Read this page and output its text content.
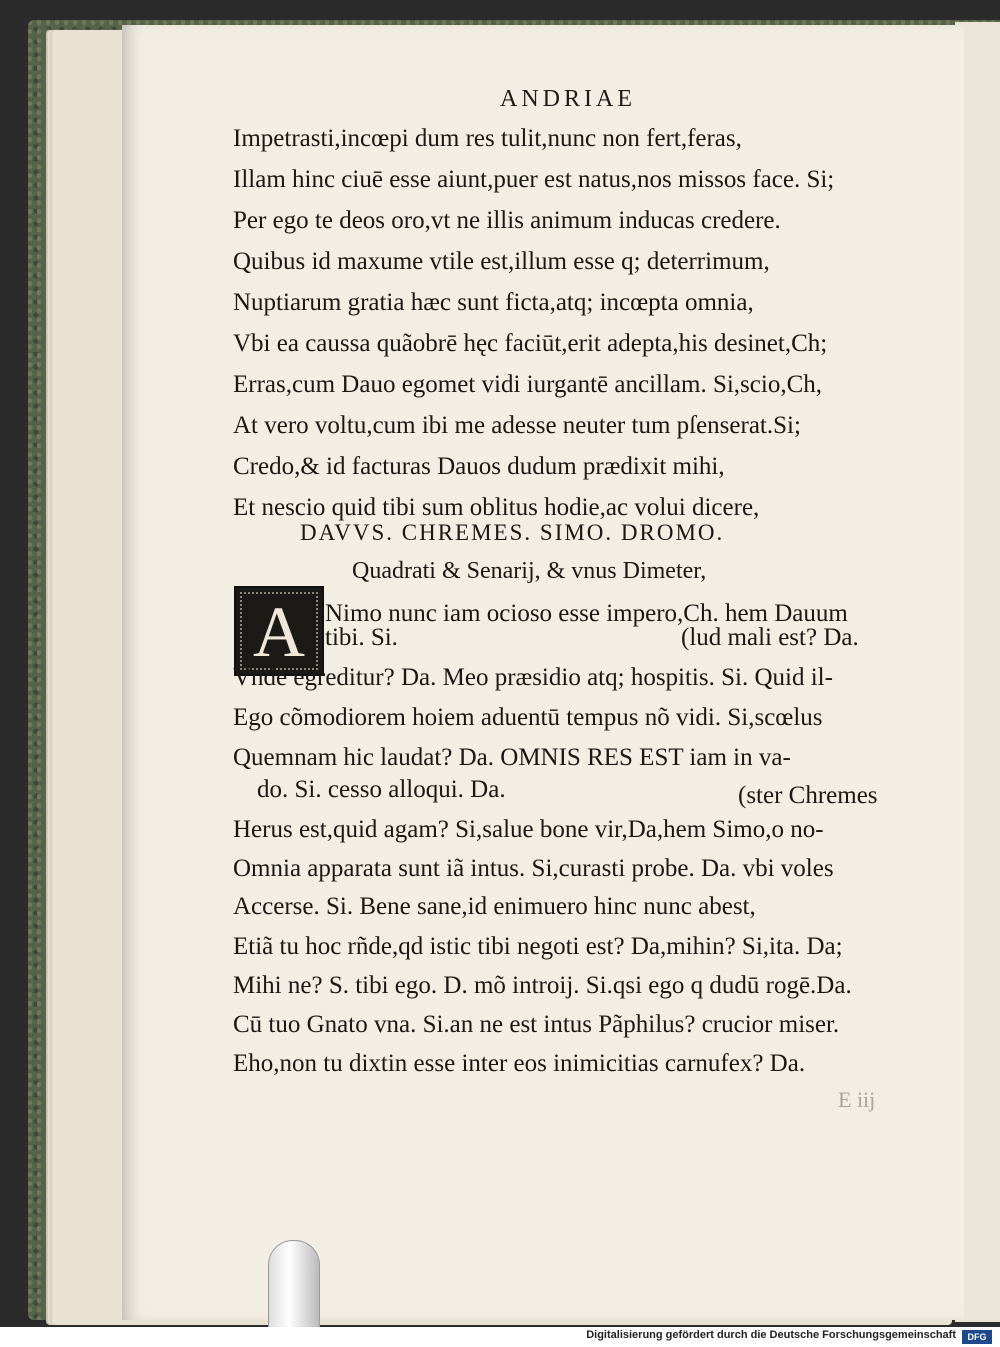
ANDRIAE
Impetrasti,incœpi dum res tulit,nunc non fert,feras,
Illam hinc ciuē esse aiunt,puer est natus,nos missos face. Si;
Per ego te deos oro,vt ne illis animum inducas credere.
Quibus id maxume vtile est,illum esse q; deterrimum,
Nuptiarum gratia hæc sunt ficta,atq; incœpta omnia,
Vbi ea caussa quãobrē hęc faciūt,erit adepta,his desinet,Ch;
Erras,cum Dauo egomet vidi iurgantē ancillam. Si,scio,Ch,
At vero voltu,cum ibi me adesse neuter tum pſenserat.Si;
Credo,& id facturas Dauos dudum prædixit mihi,
Et nescio quid tibi sum oblitus hodie,ac volui dicere,
DAVVS. CHREMES. SIMO. DROMO.
Quadrati & Senarij, & vnus Dimeter,
A Nimo nunc iam ocioso esse impero,Ch. hem Dauum
tibi. Si.	(lud mali est? Da.
Vnde egreditur? Da. Meo præsidio atq; hospitis. Si. Quid il-
Ego cõmodiorem hoiem aduentū tempus nõ vidi. Si,scœlus
Quemnam hic laudat? Da. OMNIS RES EST iam in va-
do. Si. cesso alloqui. Da.	(ster Chremes
Herus est,quid agam? Si,salue bone vir,Da,hem Simo,o no-
Omnia apparata sunt iã intus. Si,curasti probe. Da. vbi voles
Accerse. Si. Bene sane,id enimuero hinc nunc abest,
Etiã tu hoc rñde,qd istic tibi negoti est? Da,mihin? Si,ita. Da;
Mihi ne? S. tibi ego. D. mõ introij. Si.qsi ego q dudū rogē.Da.
Cū tuo Gnato vna. Si.an ne est intus Pãphilus? crucior miser.
Eho,non tu dixtin esse inter eos inimicitias carnufex? Da.
E iij
Digitalisierung gefördert durch die Deutsche Forschungsgemeinschaft	DFG
